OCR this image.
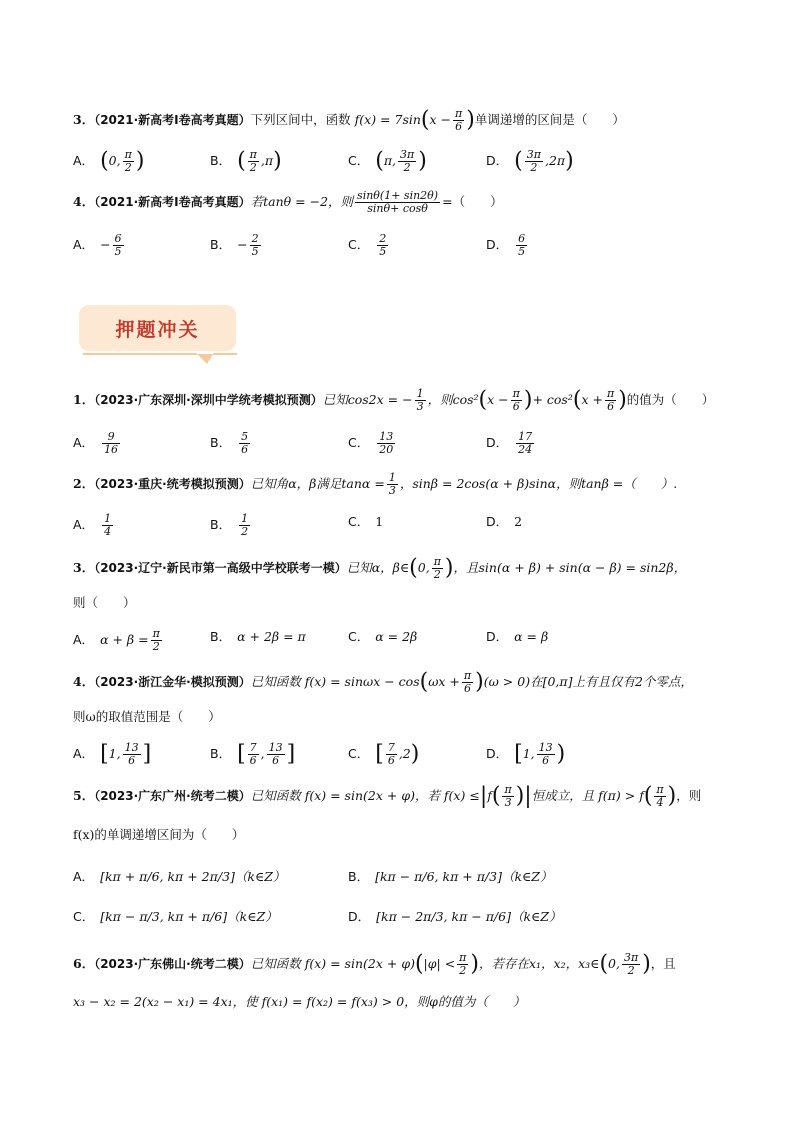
3．（2021·新高考Ⅰ卷高考真题）下列区间中，函数 $f(x) = 7\sin(x - \frac{\pi}{6}$ )单调递增的区间是（　　）
A． (0, $\frac{\pi}{2}$ )	B． ( $\frac{\pi}{2} ,\pi$)	C． (π, $\frac{3\pi}{2}$ )	D． ( $\frac{3\pi}{2} ,2\pi$)
4．（2021·新高考Ⅰ卷高考真题）若tanθ = −2，则 $\frac{\sin\theta(1+ \sin 2\theta)}{\sin\theta+ \cos\theta}$ =（　　）
A． − $\frac{6}{5}$	B． − $\frac{2}{5}$	C． $\frac{2}{5}$	D． $\frac{6}{5}$
押题冲关
1．（2023·广东深圳·深圳中学统考模拟预测）已知cos2x = − $\frac{1}{3}$ ，则$\cos^2(x - \frac{\pi}{6}$ )+ $\cos^2(x + \frac{\pi}{6}$ )的值为（　　）
A． $\frac{9}{16}$	B． $\frac{5}{6}$	C． $\frac{13}{20}$	D． $\frac{17}{24}$
2．（2023·重庆·统考模拟预测）已知角α，β满足$\tan\alpha = \frac{1}{3}$ ，sinβ = 2cos(α + β)sinα，则tanβ =（　　）.
A． $\frac{1}{4}$	B． $\frac{1}{2}$	C． 1	D． 2
3．（2023·辽宁·新民市第一高级中学校联考一模）已知α，β∈(0, $\frac{\pi}{2}$ )，且sin(α + β) + sin(α − β) = sin2β，
则（　　）
A． $\alpha + \beta = \frac{\pi}{2}$	B． α + 2β = π	C． α = 2β	D． α = β
4．（2023·浙江金华·模拟预测）已知函数 $f(x) = \sin\omega x - \cos(\omega x + \frac{\pi}{6} )(\omega > 0)$在[0,π]上有且仅有2个零点，
则ω的取值范围是（　　）
A． [1, $\frac{13}{6}$ ]	B． [ $\frac{7}{6}$ , $\frac{13}{6}$ ]	C． [ $\frac{7}{6} ,2$)	D． [1, $\frac{13}{6}$ )
5．（2023·广东广州·统考二模）已知函数 f(x) = sin(2x + φ)，若 $f(x) \le|f( \frac{\pi}{3}$ )|恒成立，且 $f(\pi) > f( \frac{\pi}{4}$ )，则
f(x)的单调递增区间为（　　）
A． [kπ + π/6, kπ + 2π/3]（k∈Z）	B． [kπ − π/6, kπ + π/3]（k∈Z）
C． [kπ − π/3, kπ + π/6]（k∈Z）	D． [kπ − 2π/3, kπ − π/6]（k∈Z）
6．（2023·广东佛山·统考二模）已知函数 $f(x) = \sin(2x + \varphi)(|\varphi| < \frac{\pi}{2}$ )，若存在x₁，x₂，x₃∈(0, $\frac{3\pi}{2}$ )，且
x₃ − x₂ = 2(x₂ − x₁) = 4x₁，使 f(x₁) = f(x₂) = f(x₃) > 0，则φ的值为（　　）
